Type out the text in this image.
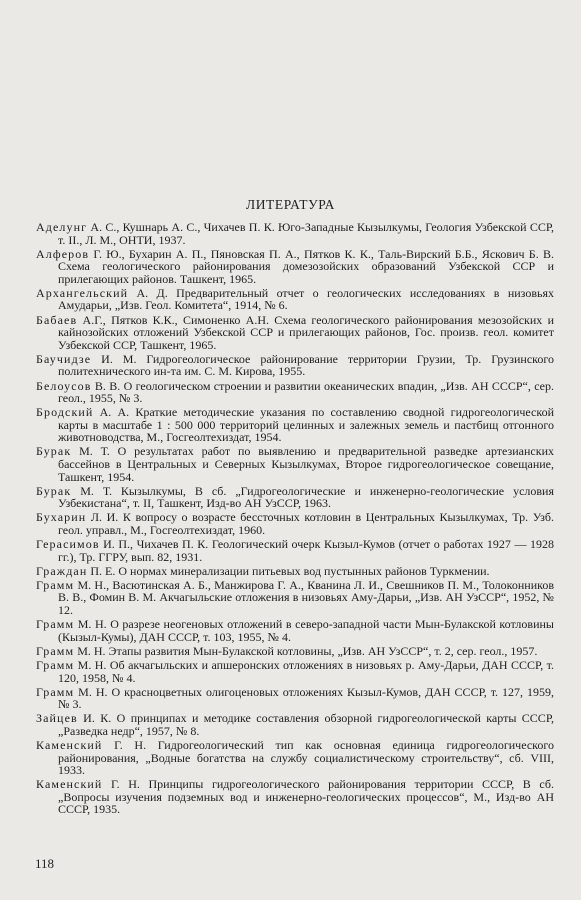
ЛИТЕРАТУРА
Аделунг А. С., Кушнарь А. С., Чихачев П. К. Юго-Западные Кызылкумы, Геология Узбекской ССР, т. II., Л. М., ОНТИ, 1937.
Алферов Г. Ю., Бухарин А. П., Пяновская П. А., Пятков К. К., Таль-Вирский Б.Б., Яскович Б. В. Схема геологического районирования домезозойских образований Узбекской ССР и прилегающих районов. Ташкент, 1965.
Архангельский А. Д. Предварительный отчет о геологических исследованиях в низовьях Амударьи, „Изв. Геол. Комитета“, 1914, № 6.
Бабаев А.Г., Пятков К.К., Симоненко А.Н. Схема геологического районирования мезозойских и кайнозойских отложений Узбекской ССР и прилегающих районов, Гос. произв. геол. комитет Узбекской ССР, Ташкент, 1965.
Баучидзе И. М. Гидрогеологическое районирование территории Грузии, Тр. Грузинского политехнического ин-та им. С. М. Кирова, 1955.
Белоусов В. В. О геологическом строении и развитии океанических впадин, „Изв. АН СССР“, сер. геол., 1955, № 3.
Бродский А. А. Краткие методические указания по составлению сводной гидрогеологической карты в масштабе 1 : 500 000 территорий целинных и залежных земель и пастбищ отгонного животноводства, М., Госгеолтехиздат, 1954.
Бурак М. Т. О результатах работ по выявлению и предварительной разведке артезианских бассейнов в Центральных и Северных Кызылкумах, Второе гидрогеологическое совещание, Ташкент, 1954.
Бурак М. Т. Кызылкумы, В сб. „Гидрогеологические и инженерно-геологические условия Узбекистана“, т. II, Ташкент, Изд-во АН УзССР, 1963.
Бухарин Л. И. К вопросу о возрасте бессточных котловин в Центральных Кызылкумах, Тр. Узб. геол. управл., М., Госгеолтехиздат, 1960.
Герасимов И. П., Чихачев П. К. Геологический очерк Кызыл-Кумов (отчет о работах 1927 — 1928 гг.), Тр. ГГРУ, вып. 82, 1931.
Граждан П. Е. О нормах минерализации питьевых вод пустынных районов Туркмении.
Грамм М. Н., Васютинская А. Б., Манжирова Г. А., Кванина Л. И., Свешников П. М., Толоконников В. В., Фомин В. М. Акчагыльские отложения в низовьях Аму-Дарьи, „Изв. АН УзССР“, 1952, № 12.
Грамм М. Н. О разрезе неогеновых отложений в северо-западной части Мын-Булакской котловины (Кызыл-Кумы), ДАН СССР, т. 103, 1955, № 4.
Грамм М. Н. Этапы развития Мын-Булакской котловины, „Изв. АН УзССР“, т. 2, сер. геол., 1957.
Грамм М. Н. Об акчагыльских и апшеронских отложениях в низовьях р. Аму-Дарьи, ДАН СССР, т. 120, 1958, № 4.
Грамм М. Н. О красноцветных олигоценовых отложениях Кызыл-Кумов, ДАН СССР, т. 127, 1959, № 3.
Зайцев И. К. О принципах и методике составления обзорной гидрогеологической карты СССР, „Разведка недр“, 1957, № 8.
Каменский Г. Н. Гидрогеологический тип как основная единица гидрогеологического районирования, „Водные богатства на службу социалистическому строительству“, сб. VIII, 1933.
Каменский Г. Н. Принципы гидрогеологического районирования территории СССР, В сб. „Вопросы изучения подземных вод и инженерно-геологических процессов“, М., Изд-во АН СССР, 1935.
118
